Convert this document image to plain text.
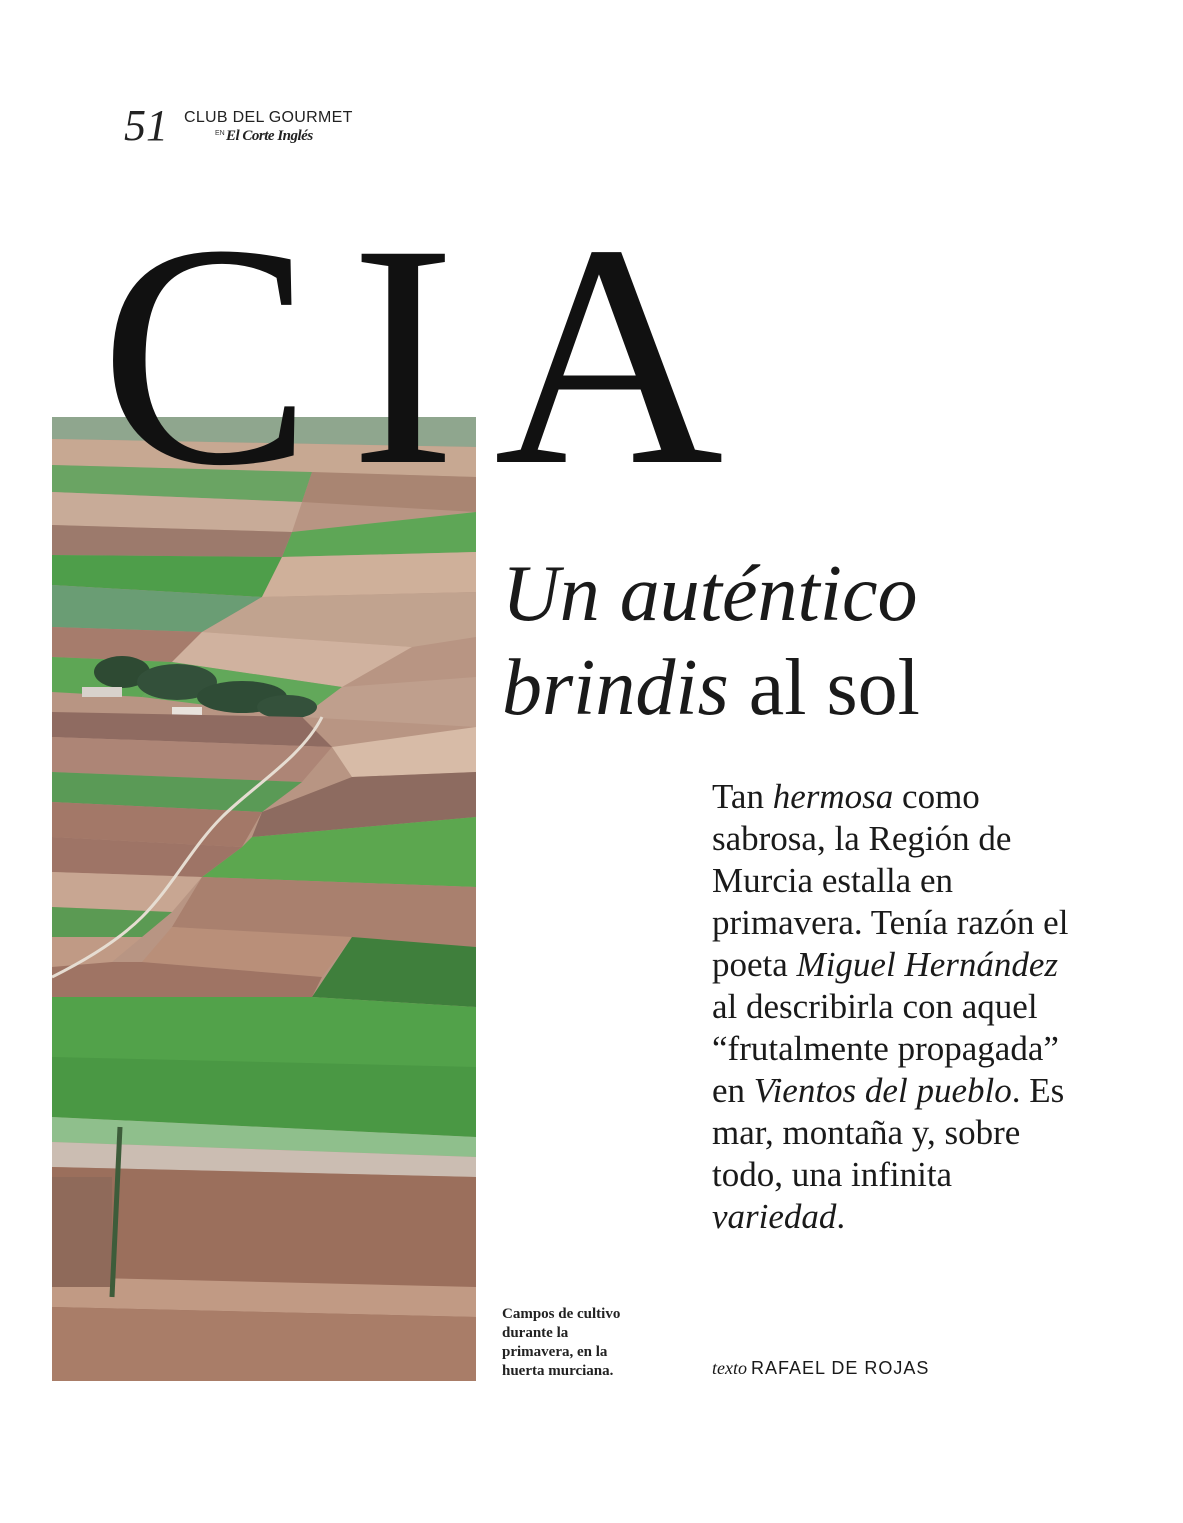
51 CLUB DEL GOURMET
EN El Corte Inglés
CIA
Un auténtico
brindis al sol

Tan hermosa como sabrosa, la Región de Murcia estalla en primavera. Tenía razón el poeta Miguel Hernández al describirla con aquel “frutalmente propagada” en Vientos del pueblo. Es mar, montaña y, sobre todo, una infinita variedad.

Campos de cultivo durante la primavera, en la huerta murciana.	texto RAFAEL DE ROJAS
